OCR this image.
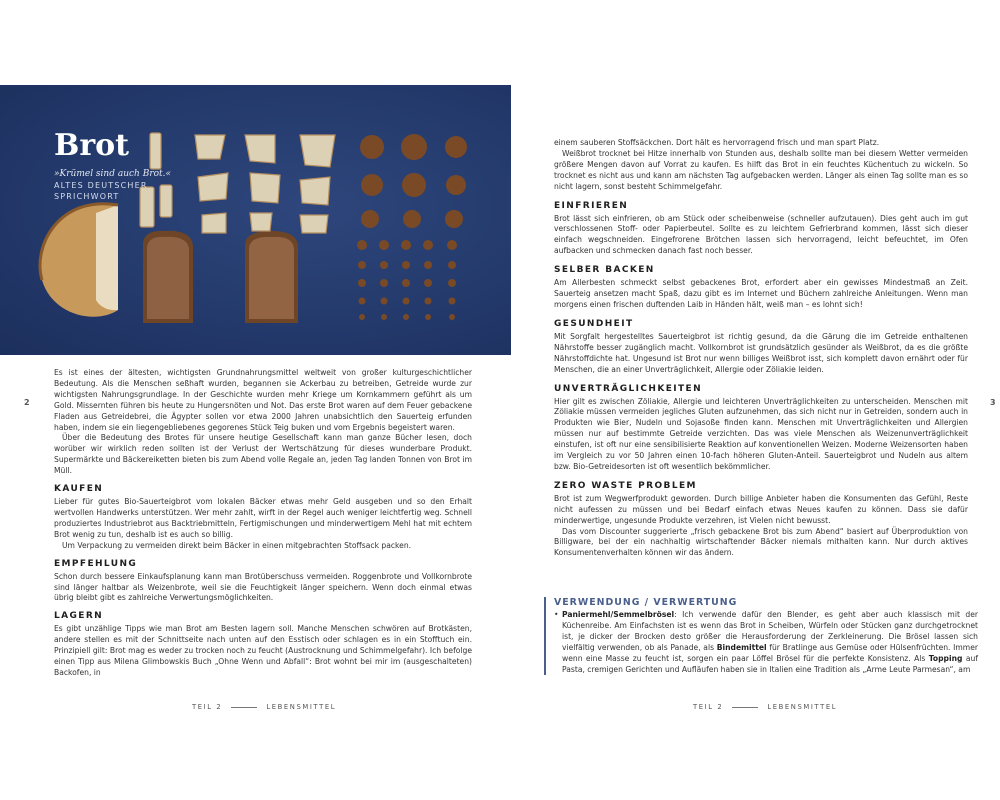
Brot

»Krümel sind auch Brot.«

ALTES DEUTSCHER SPRICHWORT

Es ist eines der ältesten, wichtigsten Grundnahrungsmittel weltweit von großer kulturgeschichtlicher Bedeutung. Als die Menschen seßhaft wurden, begannen sie Ackerbau zu betreiben, Getreide wurde zur wichtigsten Nahrungsgrundlage. In der Geschichte wurden mehr Kriege um Kornkammern geführt als um Gold. Missernten führen bis heute zu Hungersnöten und Not. Das erste Brot waren auf dem Feuer gebackene Fladen aus Getreidebrei, die Ägypter sollen vor etwa 2000 Jahren unabsichtlich den Sauerteig erfunden haben, indem sie ein liegengebliebenes gegorenes Stück Teig buken und vom Ergebnis begeistert waren.

Über die Bedeutung des Brotes für unsere heutige Gesellschaft kann man ganze Bücher lesen, doch worüber wir wirklich reden sollten ist der Verlust der Wertschätzung für dieses wunderbare Produkt. Supermärkte und Bäckereiketten bieten bis zum Abend volle Regale an, jeden Tag landen Tonnen von Brot im Müll.

KAUFEN

Lieber für gutes Bio-Sauerteigbrot vom lokalen Bäcker etwas mehr Geld ausgeben und so den Erhalt wertvollen Handwerks unterstützen. Wer mehr zahlt, wirft in der Regel auch weniger leichtfertig weg. Schnell produziertes Industriebrot aus Backtriebmitteln, Fertigmischungen und minderwertigem Mehl hat mit echtem Brot wenig zu tun, deshalb ist es auch so billig.

Um Verpackung zu vermeiden direkt beim Bäcker in einen mitgebrachten Stoffsack packen.

EMPFEHLUNG

Schon durch bessere Einkaufsplanung kann man Brotüberschuss vermeiden. Roggenbrote und Vollkornbrote sind länger haltbar als Weizenbrote, weil sie die Feuchtigkeit länger speichern. Wenn doch einmal etwas übrig bleibt gibt es zahlreiche Verwertungsmöglichkeiten.

LAGERN

Es gibt unzählige Tipps wie man Brot am Besten lagern soll. Manche Menschen schwören auf Brotkästen, andere stellen es mit der Schnittseite nach unten auf den Esstisch oder schlagen es in ein Stofftuch ein. Prinzipiell gilt: Brot mag es weder zu trocken noch zu feucht (Austrocknung und Schimmelgefahr). Ich befolge einen Tipp aus Milena Glimbowskis Buch „Ohne Wenn und Abfall“: Brot wohnt bei mir im (ausgeschalteten) Backofen, in

einem sauberen Stoffsäckchen. Dort hält es hervorragend frisch und man spart Platz.

Weißbrot trocknet bei Hitze innerhalb von Stunden aus, deshalb sollte man bei diesem Wetter vermeiden größere Mengen davon auf Vorrat zu kaufen. Es hilft das Brot in ein feuchtes Küchentuch zu wickeln. So trocknet es nicht aus und kann am nächsten Tag aufgebacken werden. Länger als einen Tag sollte man es so nicht lagern, sonst besteht Schimmelgefahr.

EINFRIEREN

Brot lässt sich einfrieren, ob am Stück oder scheibenweise (schneller aufzutauen). Dies geht auch im gut verschlossenen Stoff- oder Papierbeutel. Sollte es zu leichtem Gefrierbrand kommen, lässt sich dieser einfach wegschneiden. Eingefrorene Brötchen lassen sich hervorragend, leicht befeuchtet, im Ofen aufbacken und schmecken danach fast noch besser.

SELBER BACKEN

Am Allerbesten schmeckt selbst gebackenes Brot, erfordert aber ein gewisses Mindestmaß an Zeit. Sauerteig ansetzen macht Spaß, dazu gibt es im Internet und Büchern zahlreiche Anleitungen. Wenn man morgens einen frischen duftenden Laib in Händen hält, weiß man – es lohnt sich!

GESUNDHEIT

Mit Sorgfalt hergestelltes Sauerteigbrot ist richtig gesund, da die Gärung die im Getreide enthaltenen Nährstoffe besser zugänglich macht. Vollkornbrot ist grundsätzlich gesünder als Weißbrot, da es die größte Nährstoffdichte hat. Ungesund ist Brot nur wenn billiges Weißbrot isst, sich komplett davon ernährt oder für Menschen, die an einer Unverträglichkeit, Allergie oder Zöliakie leiden.

UNVERTRÄGLICHKEITEN

Hier gilt es zwischen Zöliakie, Allergie und leichteren Unverträglichkeiten zu unterscheiden. Menschen mit Zöliakie müssen vermeiden jegliches Gluten aufzunehmen, das sich nicht nur in Getreiden, sondern auch in Produkten wie Bier, Nudeln und Sojasoße finden kann. Menschen mit Unverträglichkeiten und Allergien müssen nur auf bestimmte Getreide verzichten. Das was viele Menschen als Weizenunverträglichkeit einstufen, ist oft nur eine sensibilisierte Reaktion auf konventionellen Weizen. Moderne Weizensorten haben im Vergleich zu vor 50 Jahren einen 10-fach höheren Gluten-Anteil. Sauerteigbrot und Nudeln aus altem bzw. Bio-Getreidesorten ist oft wesentlich bekömmlicher.

ZERO WASTE PROBLEM

Brot ist zum Wegwerfprodukt geworden. Durch billige Anbieter haben die Konsumenten das Gefühl, Reste nicht aufessen zu müssen und bei Bedarf einfach etwas Neues kaufen zu können. Dass sie dafür minderwertige, ungesunde Produkte verzehren, ist Vielen nicht bewusst.

Das vom Discounter suggerierte „frisch gebackene Brot bis zum Abend“ basiert auf Überproduktion von Billigware, bei der ein nachhaltig wirtschaftender Bäcker niemals mithalten kann. Nur durch aktives Konsumentenverhalten können wir das ändern.

VERWENDUNG / VERWERTUNG
• Paniermehl/Semmelbrösel: Ich verwende dafür den Blender, es geht aber auch klassisch mit der Küchenreibe. Am Einfachsten ist es wenn das Brot in Scheiben, Würfeln oder Stücken ganz durchgetrocknet ist, je dicker der Brocken desto größer die Herausforderung der Zerkleinerung. Die Brösel lassen sich vielfältig verwenden, ob als Panade, als Bindemittel für Bratlinge aus Gemüse oder Hülsenfrüchten. Immer wenn eine Masse zu feucht ist, sorgen ein paar Löffel Brösel für die perfekte Konsistenz. Als Topping auf Pasta, cremigen Gerichten und Aufläufen haben sie in Italien eine Tradition als „Arme Leute Parmesan“, am
2	3
TEIL 2	LEBENSMITTEL	TEIL 2	LEBENSMITTEL
